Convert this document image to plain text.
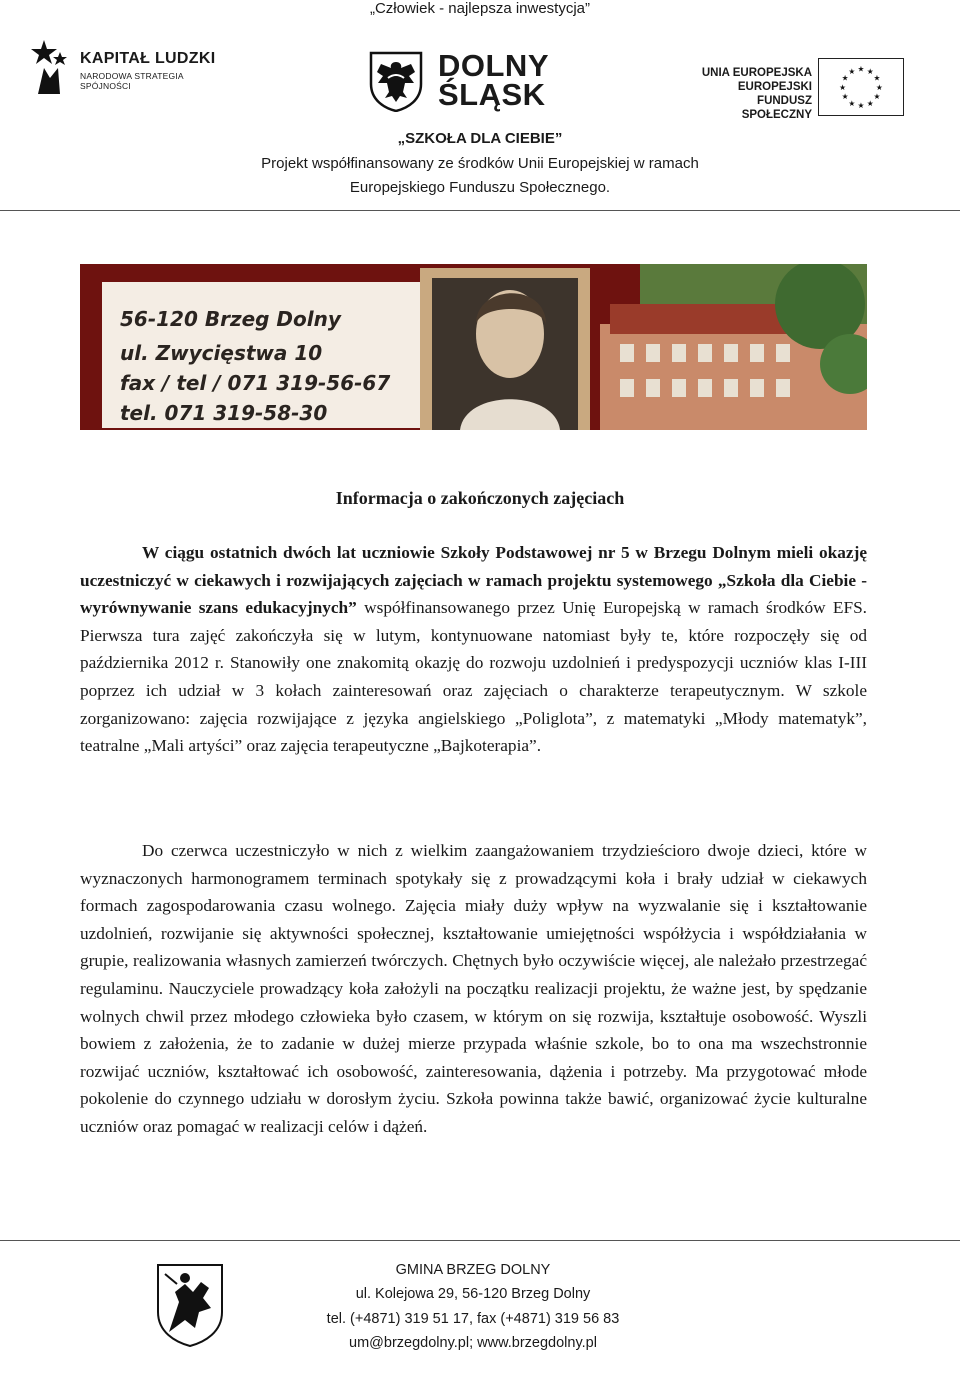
„Człowiek - najlepsza inwestycja”
KAPITAŁ LUDZKI
NARODOWA STRATEGIA SPÓJNOŚCI
DOLNY
ŚLĄSK
UNIA EUROPEJSKA
EUROPEJSKI
FUNDUSZ SPOŁECZNY
★
★
★
★
★
★
★
★
★ ★ ★
★
„SZKOŁA DLA CIEBIE”
Projekt współfinansowany ze środków Unii Europejskiej w ramach
Europejskiego Funduszu Społecznego.
56-120 Brzeg Dolny
ul. Zwycięstwa 10
fax / tel / 071 319-56-67
tel. 071 319-58-30
Informacja o zakończonych zajęciach

W ciągu ostatnich dwóch lat uczniowie Szkoły Podstawowej nr 5 w Brzegu Dolnym mieli okazję uczestniczyć w ciekawych i rozwijających zajęciach w ramach projektu systemowego „Szkoła dla Ciebie - wyrównywanie szans edukacyjnych” współfinansowanego przez Unię Europejską w ramach środków EFS. Pierwsza tura zajęć zakończyła się w lutym, kontynuowane natomiast były te, które rozpoczęły się od października 2012 r. Stanowiły one znakomitą okazję do rozwoju uzdolnień i predyspozycji uczniów klas I-III poprzez ich udział w 3 kołach zainteresowań oraz zajęciach o charakterze terapeutycznym. W szkole zorganizowano: zajęcia rozwijające z języka angielskiego „Poliglota”, z matematyki „Młody matematyk”, teatralne „Mali artyści” oraz zajęcia terapeutyczne „Bajkoterapia”.

Do czerwca uczestniczyło w nich z wielkim zaangażowaniem trzydzieścioro dwoje dzieci, które w wyznaczonych harmonogramem terminach spotykały się z prowadzącymi koła i brały udział w ciekawych formach zagospodarowania czasu wolnego. Zajęcia miały duży wpływ na wyzwalanie się i kształtowanie uzdolnień, rozwijanie się aktywności społecznej, kształtowanie umiejętności współżycia i współdziałania w grupie, realizowania własnych zamierzeń twórczych. Chętnych było oczywiście więcej, ale należało przestrzegać regulaminu. Nauczyciele prowadzący koła założyli na początku realizacji projektu, że ważne jest, by spędzanie wolnych chwil przez młodego człowieka było czasem, w którym on się rozwija, kształtuje osobowość. Wyszli bowiem z założenia, że to zadanie w dużej mierze przypada właśnie szkole, bo to ona ma wszechstronnie rozwijać uczniów, kształtować ich osobowość, zainteresowania, dążenia i potrzeby. Ma przygotować młode pokolenie do czynnego udziału w dorosłym życiu. Szkoła powinna także bawić, organizować życie kulturalne uczniów oraz pomagać w realizacji celów i dążeń.

GMINA BRZEG DOLNY
ul. Kolejowa 29, 56-120 Brzeg Dolny
tel. (+4871) 319 51 17, fax (+4871) 319 56 83
um@brzegdolny.pl; www.brzegdolny.pl
